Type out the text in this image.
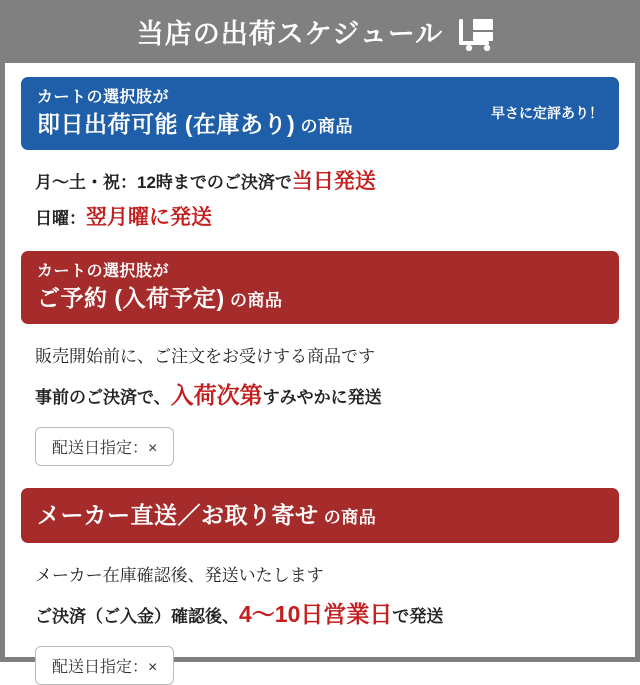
当店の出荷スケジュール
カートの選択肢が
即日出荷可能 (在庫あり) の商品
早さに定評あり！
月～土・祝：12時までのご決済で当日発送
日曜：翌月曜に発送
カートの選択肢が
ご予約 (入荷予定) の商品
販売開始前に、ご注文をお受けする商品です
事前のご決済で、入荷次第すみやかに発送
配送日指定：×
メーカー直送／お取り寄せ の商品
メーカー在庫確認後、発送いたします
ご決済（ご入金）確認後、4～10日営業日で発送
配送日指定：×
